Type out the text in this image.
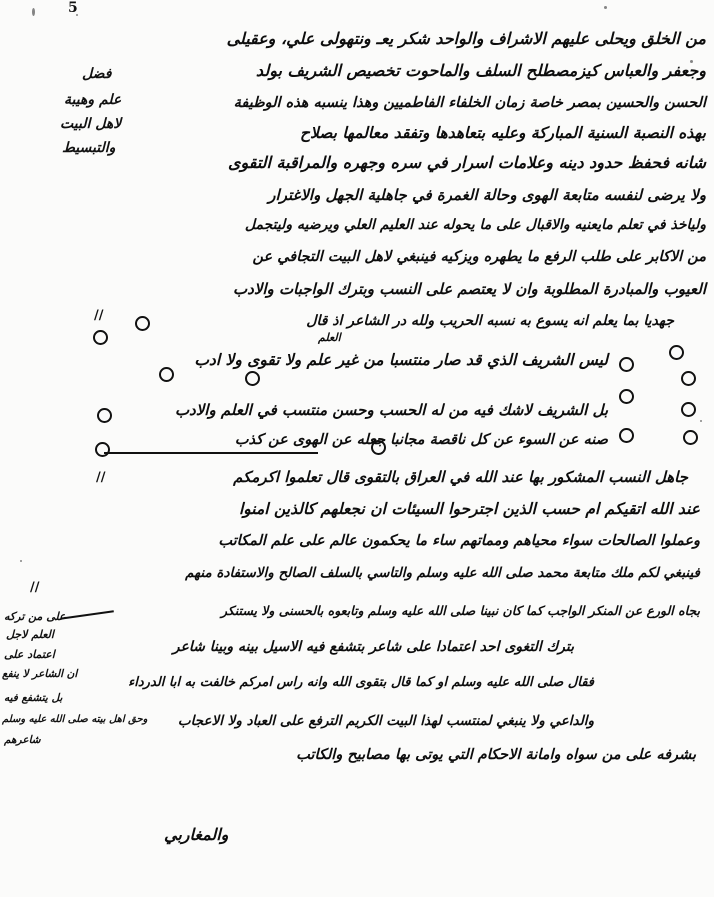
5
من الخلق ويحلى عليهم الاشراف والواحد شكر يعـ ونتهولى علي، وعقيلى
وجعفر والعباس كيزمصطلح السلف والماحوت تخصيص الشريف بولد
الحسن والحسين بمصر خاصة زمان الخلفاء الفاطميين وهذا ينسبه هذه الوظيفة
بهذه النصبة السنية المباركة وعليه بتعاهدها وتفقد معالمها بصلاح
شانه فحفظ حدود دينه وعلامات اسرار في سره وجهره والمراقبة التقوى
ولا يرضى لنفسه متابعة الهوى وحالة الغمرة في جاهلية الجهل والاغترار
ولياخذ في تعلم مايعنيه والاقبال على ما يحوله عند العليم العلي ويرضيه وليتجمل
من الاكابر على طلب الرفع ما يطهره ويزكيه فينبغي لاهل البيت التجافي عن
العيوب والمبادرة المطلوبة وان لا يعتصم على النسب وبترك الواجبات والادب
جهديا بما يعلم انه يسوع به نسبه الحريب ولله در الشاعر اذ قال
//
العلم
ليس الشريف الذي قد صار منتسبا من غير علم ولا تقوى ولا ادب
بل الشريف لاشك فيه من له الحسب وحسن منتسب في العلم والادب
صنه عن السوء عن كل ناقصة مجانبا جعله عن الهوى عن كذب
جاهل النسب المشكور بها عند الله في العراق بالتقوى قال تعلموا اكرمكم
عند الله اتقيكم ام حسب الذين اجترحوا السيئات ان نجعلهم كالذين امنوا
وعملوا الصالحات سواء محياهم ومماتهم ساء ما يحكمون عالم على علم المكاتب
فينبغي لكم ملك متابعة محمد صلى الله عليه وسلم والتاسي بالسلف الصالح والاستفادة منهم
بجاه الورع عن المنكر الواجب كما كان نبينا صلى الله عليه وسلم وتابعوه بالحسنى ولا يستنكر
بترك التغوى احد اعتمادا على شاعر بتشفع فيه الاسيل بينه وبينا شاعر
فقال صلى الله عليه وسلم او كما قال بتقوى الله وانه راس امركم خالفت به ابا الدرداء
والداعي ولا ينبغي لمنتسب لهذا البيت الكريم الترفع على العباد ولا الاعجاب
بشرفه على من سواه وامانة الاحكام التي يوتى بها مصابيح والكاتب
والمغاربي
فضل
علم وهيبة
لاهل البيت
والتبسيط
على من تركه
العلم لاجل
اعتماد على
ان الشاعر لا ينفع
بل يتشفع فيه
وحق اهل بيته صلى الله عليه وسلم
شاعرهم
//
//
